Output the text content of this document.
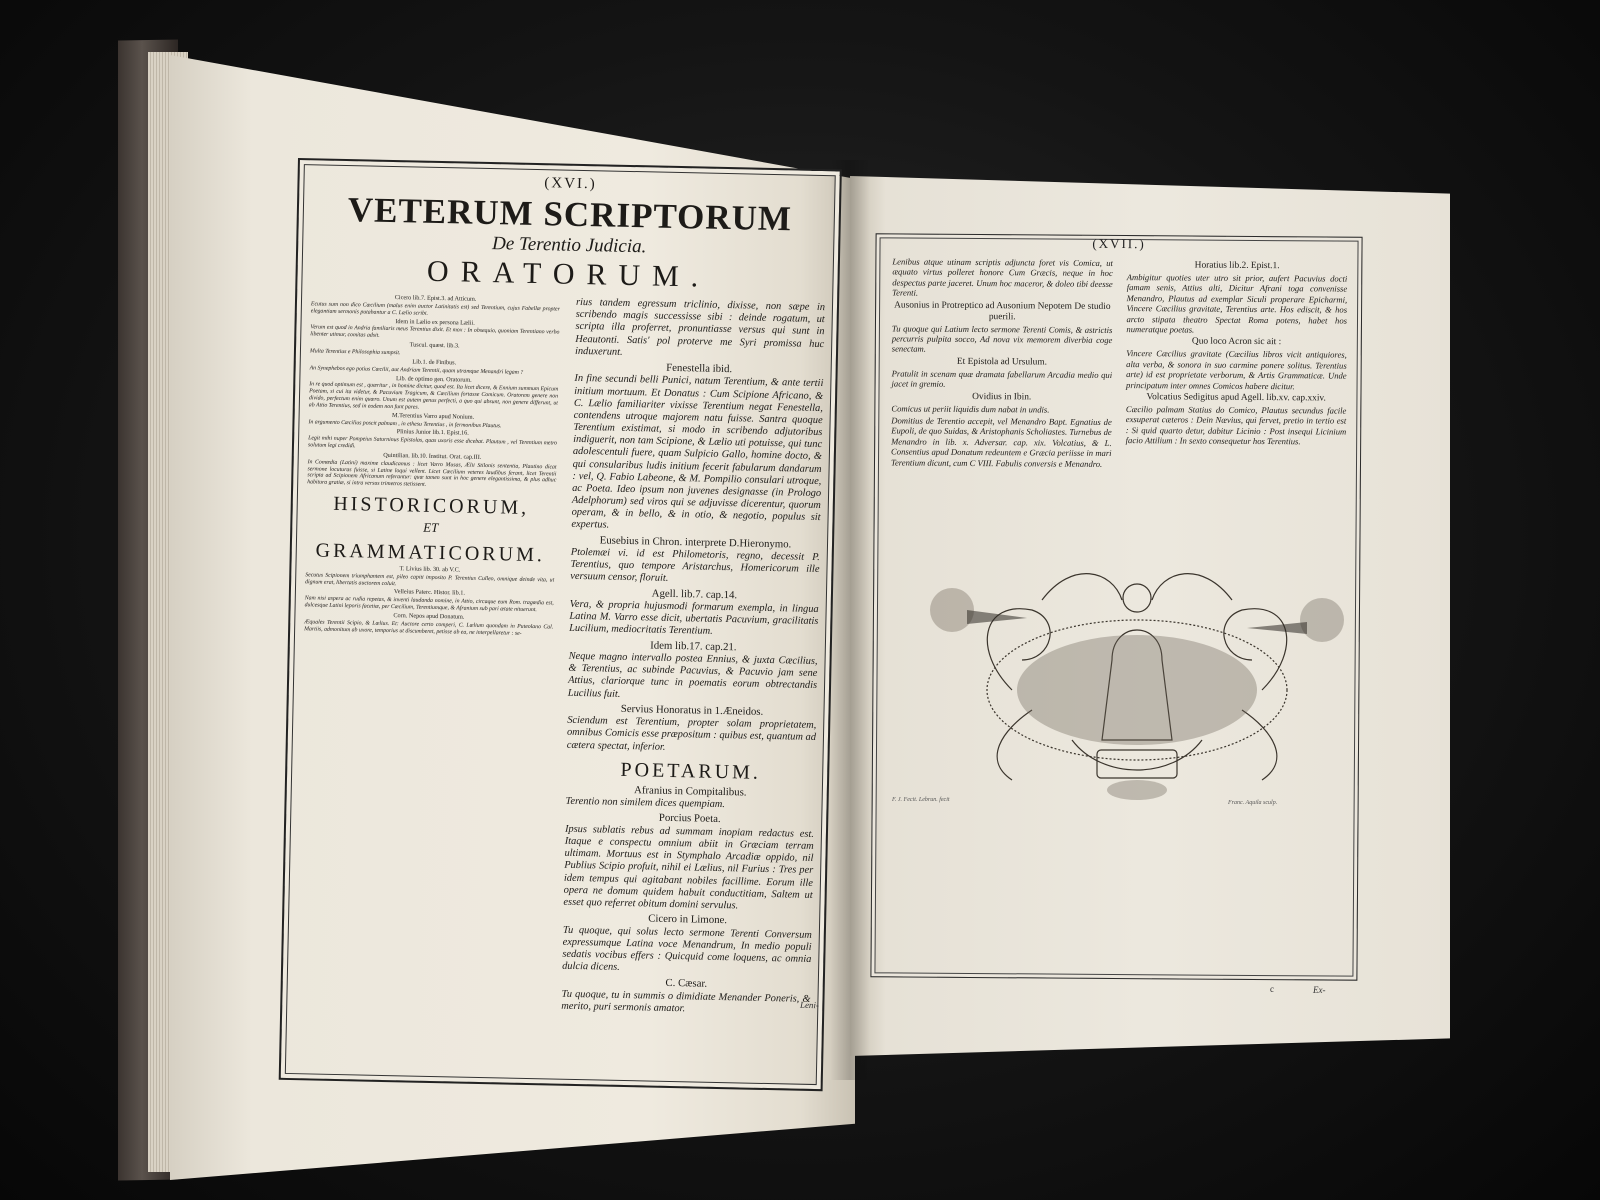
(XVI.)
VETERUM SCRIPTORUM
De Terentio Judicia.
ORATORUM.
Cicero lib.7. Epist.3. ad Atticum.

Ecutus sum non dico Cæcilium (malus enim auctor Latinitatis est) sed Terentium, cujus Fabellæ propter elegantiam sermonis putabantur a C. Lælio scribi.

Idem in Lælio ex persona Lælii.

Verum est quod in Andria familiaris meus Terentius dixit. Et mox : In obsequio, quoniam Terentiano verbo libenter utimur, comitas adsit.

Tuscul. quæst. lib.3.

Multa Terentius e Philosophia sumpsit.

Lib.1. de Finibus.

An Synephebos ego potius Cæcilii, aut Andriam Terentii, quam utramque Menandri legam ?

Lib. de optimo gen. Oratorum.

In re quod optimum est , quæritur , in homine dicitur, quod est. Ita licet dicere, & Ennium summum Epicum Poetam, si cui ita videtur, & Pacuvium Tragicum, & Cæcilium fortasse Comicum. Oratorem genere non divido, perfectum enim quæro. Unum est autem genus perfecti, a quo qui absunt, non genere differunt, ut ab Attio Terentius, sed in eodem non funt pares.

M.Terentius Varro apud Nonium.

In argumento Cæcilius poscit palmam , in ethesu Terentius , in fermonibus Plautus.

Plinius Junior lib.1. Epist.16.

Legit mihi nuper Pompeius Saturninus Epistolas, quas uxoris esse dicebat. Plautum , vel Terentium metro solutum legi credidi.

Quintilian. lib.10. Institut. Orat. cap.III.

In Comœdia (Latini) maxime claudicamus : licet Varro Musas, Ælii Stilonis sententia, Plautino dicat sermone locuturas fuisse, si Latine loqui vellent. Licet Cæcilium veteres laudibus ferant, licet Terentii scripta ad Scipionem Africanum referantur: quæ tamen sunt in hoc genere elegantissima, & plus adhuc habitura gratiæ, si intra versus trimetros stetissent.

HISTORICORUM,
ET
GRAMMATICORUM.
T. Livius lib. 30. ab V.C.

Secutus Scipionem triumphantem est, pileo capiti imposito P. Terentius Culleo, omnique deinde vita, ut dignum erat, libertatis auctorem coluit.

Velleius Paterc. Histor. lib.1.

Nam nisi aspera ac rudia repetas, & inventi laudanda nomine, in Attio, circaque eum Rom. tragœdia est, dulcesque Latini leporis facetiæ, per Cæcilium, Terentiumque, & Afranium sub pari ætate nituerunt.

Corn. Nepos apud Donatum.

Æquales Terentii Scipio, & Lælius. Et: Auctore certo comperi, C. Lælium quondam in Puteolano Cal. Martiis, admonitum ab uxore, temporius ut discumberet, petisse ab ea, ne interpellaretur : se-

rius tandem egressum triclinio, dixisse, non sæpe in scribendo magis successisse sibi : deinde rogatum, ut scripta illa proferret, pronuntiasse versus qui sunt in Heautonti. Satis' pol proterve me Syri promissa huc induxerunt.

Fenestella ibid.

In fine secundi belli Punici, natum Terentium, & ante tertii initium mortuum. Et Donatus : Cum Scipione Africano, & C. Lælio familiariter vixisse Terentium negat Fenestella, contendens utroque majorem natu fuisse. Santra quoque Terentium existimat, si modo in scribendo adjutoribus indiguerit, non tam Scipione, & Lælio uti potuisse, qui tunc adolescentuli fuere, quam Sulpicio Gallo, homine docto, & qui consularibus ludis initium fecerit fabularum dandarum : vel, Q. Fabio Labeone, & M. Pompilio consulari utroque, ac Poeta. Ideo ipsum non juvenes designasse (in Prologo Adelphorum) sed viros qui se adjuvisse dicerentur, quorum operam, & in bello, & in otio, & negotio, populus sit expertus.

Eusebius in Chron. interprete D.Hieronymo.

Ptolemæi vi. id est Philometoris, regno, decessit P. Terentius, quo tempore Aristarchus, Homericorum ille versuum censor, floruit.

Agell. lib.7. cap.14.

Vera, & propria hujusmodi formarum exempla, in lingua Latina M. Varro esse dicit, ubertatis Pacuvium, gracilitatis Lucilium, mediocritatis Terentium.

Idem lib.17. cap.21.

Neque magno intervallo postea Ennius, & juxta Cæcilius, & Terentius, ac subinde Pacuvius, & Pacuvio jam sene Attius, clariorque tunc in poematis eorum obtrectandis Lucilius fuit.

Servius Honoratus in 1.Æneidos.

Sciendum est Terentium, propter solam proprietatem, omnibus Comicis esse præpositum : quibus est, quantum ad cætera spectat, inferior.

POETARUM.
Afranius in Compitalibus.

Terentio non similem dices quempiam.

Porcius Poeta.

Ipsus sublatis rebus ad summam inopiam redactus est. Itaque e conspectu omnium abiit in Græciam terram ultimam. Mortuus est in Stymphalo Arcadiæ oppido, nil Publius Scipio profuit, nihil ei Lælius, nil Furius : Tres per idem tempus qui agitabant nobiles facillime. Eorum ille opera ne domum quidem habuit conductitiam, Saltem ut esset quo referret obitum domini servulus.

Cicero in Limone.

Tu quoque, qui solus lecto sermone Terenti Conversum expressumque Latina voce Menandrum, In medio populi sedatis vocibus effers : Quicquid come loquens, ac omnia dulcia dicens.

C. Cæsar.

Tu quoque, tu in summis o dimidiate Menander Poneris, & merito, puri sermonis amator.	Leni-
(XVII.)

Lenibus atque utinam scriptis adjuncta foret vis Comica, ut æquato virtus polleret honore Cum Græcis, neque in hoc despectus parte jaceret. Unum hoc maceror, & doleo tibi deesse Terenti.

Ausonius in Protreptico ad Ausonium Nepotem De studio puerili.

Tu quoque qui Latium lecto sermone Terenti Comis, & astrictis percurris pulpita socco, Ad nova vix memorem diverbia coge senectam.

Et Epistola ad Ursulum.

Pratulit in scenam quæ dramata fabellarum Arcadia medio qui jacet in gremio.

Ovidius in Ibin.

Comicus ut periit liquidis dum nabat in undis.

Domitius de Terentio accepit, vel Menandro Bapt. Egnatius de Eupoli, de quo Suidas, & Aristophanis Scholiastes. Turnebus de Menandro in lib. x. Adversar. cap. xix. Volcatius, & L. Consentius apud Donatum redeuntem e Græcia periisse in mari Terentium dicunt, cum C VIII. Fabulis conversis e Menandro.

Horatius lib.2. Epist.1.

Ambigitur quoties uter utro sit prior, aufert Pacuvius docti famam senis, Attius alti, Dicitur Afrani toga convenisse Menandro, Plautus ad exemplar Siculi properare Epicharmi, Vincere Cæcilius gravitate, Terentius arte. Hos ediscit, & hos arcto stipata theatro Spectat Roma potens, habet hos numeratque poetas.

Quo loco Acron sic ait :

Vincere Cæcilius gravitate (Cæcilius libros vicit antiquiores, alta verba, & sonora in suo carmine ponere solitus. Terentius arte) id est proprietate verborum, & Artis Grammaticæ. Unde principatum inter omnes Comicos habere dicitur.

Volcatius Sedigitus apud Agell. lib.xv. cap.xxiv.

Cæcilio palmam Statius do Comico, Plautus secundus facile exsuperat cæteros : Dein Nævius, qui fervet, pretio in tertio est : Si quid quarto detur, dabitur Licinio : Post insequi Licinium facio Attilium : In sexto consequetur hos Terentius.

F. J. Fecit. Lebrun. fecit	Franc. Aquila sculp.
c	Ex-
